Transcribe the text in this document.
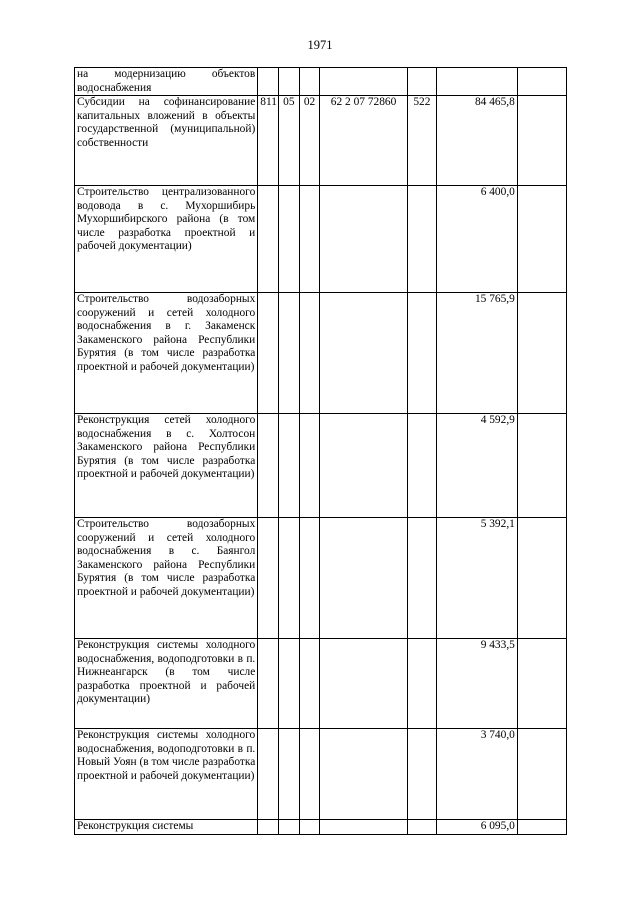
1971
на модернизацию объектов водоснабжения							
Субсидии на софинансирование капитальных вложений в объекты государственной (муниципальной) собственности	811	05	02	62 2 07 72860	522	84 465,8	
Строительство централизованного водовода в с. Мухоршибирь Мухоршибирского района (в том числе разработка проектной и рабочей документации)						6 400,0	
Строительство водозаборных сооружений и сетей холодного водоснабжения в г. Закаменск Закаменского района Республики Бурятия (в том числе разработка проектной и рабочей документации)						15 765,9	
Реконструкция сетей холодного водоснабжения в с. Холтосон Закаменского района Республики Бурятия (в том числе разработка проектной и рабочей документации)						4 592,9	
Строительство водозаборных сооружений и сетей холодного водоснабжения в с. Баянгол Закаменского района Республики Бурятия (в том числе разработка проектной и рабочей документации)						5 392,1	
Реконструкция системы холодного водоснабжения, водоподготовки в п. Нижнеангарск (в том числе разработка проектной и рабочей документации)						9 433,5	
Реконструкция системы холодного водоснабжения, водоподготовки в п. Новый Уоян (в том числе разработка проектной и рабочей документации)						3 740,0	
Реконструкция системы						6 095,0	
